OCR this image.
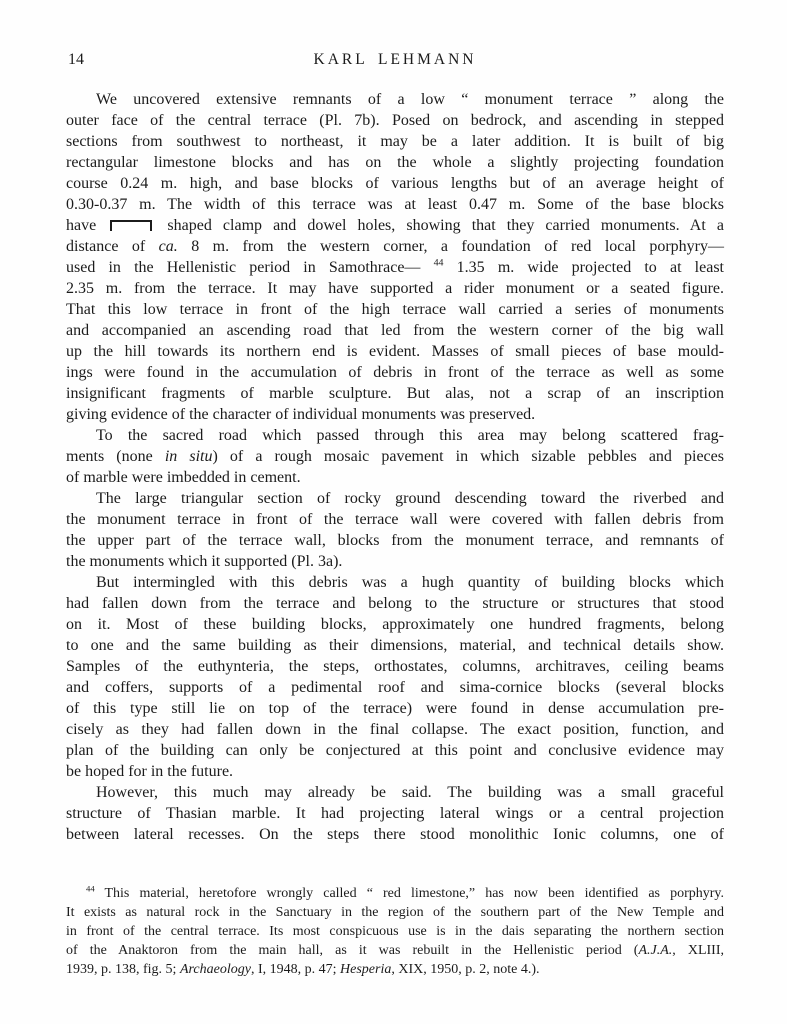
14	KARL LEHMANN

We uncovered extensive remnants of a low “ monument terrace ” along the
outer face of the central terrace (Pl. 7b). Posed on bedrock, and ascending in stepped
sections from southwest to northeast, it may be a later addition. It is built of big
rectangular limestone blocks and has on the whole a slightly projecting foundation
course 0.24 m. high, and base blocks of various lengths but of an average height of
0.30-0.37 m. The width of this terrace was at least 0.47 m. Some of the base blocks
have	shaped clamp and dowel holes, showing that they carried monuments. At a
distance of ca. 8 m. from the western corner, a foundation of red local porphyry—
used in the Hellenistic period in Samothrace— $^{44}$ 1.35 m. wide projected to at least
2.35 m. from the terrace. It may have supported a rider monument or a seated figure.
That this low terrace in front of the high terrace wall carried a series of monuments
and accompanied an ascending road that led from the western corner of the big wall
up the hill towards its northern end is evident. Masses of small pieces of base mould-
ings were found in the accumulation of debris in front of the terrace as well as some
insignificant fragments of marble sculpture. But alas, not a scrap of an inscription
giving evidence of the character of individual monuments was preserved.

To the sacred road which passed through this area may belong scattered frag-
ments (none in situ) of a rough mosaic pavement in which sizable pebbles and pieces
of marble were imbedded in cement.

The large triangular section of rocky ground descending toward the riverbed and
the monument terrace in front of the terrace wall were covered with fallen debris from
the upper part of the terrace wall, blocks from the monument terrace, and remnants of
the monuments which it supported (Pl. 3a).

But intermingled with this debris was a hugh quantity of building blocks which
had fallen down from the terrace and belong to the structure or structures that stood
on it. Most of these building blocks, approximately one hundred fragments, belong
to one and the same building as their dimensions, material, and technical details show.
Samples of the euthynteria, the steps, orthostates, columns, architraves, ceiling beams
and coffers, supports of a pedimental roof and sima-cornice blocks (several blocks
of this type still lie on top of the terrace) were found in dense accumulation pre-
cisely as they had fallen down in the final collapse. The exact position, function, and
plan of the building can only be conjectured at this point and conclusive evidence may
be hoped for in the future.

However, this much may already be said. The building was a small graceful
structure of Thasian marble. It had projecting lateral wings or a central projection
between lateral recesses. On the steps there stood monolithic Ionic columns, one of

$^{44}$ This material, heretofore wrongly called “ red limestone,” has now been identified as porphyry.
It exists as natural rock in the Sanctuary in the region of the southern part of the New Temple and
in front of the central terrace. Its most conspicuous use is in the dais separating the northern section
of the Anaktoron from the main hall, as it was rebuilt in the Hellenistic period (A.J.A., XLIII,
1939, p. 138, fig. 5; Archaeology, I, 1948, p. 47; Hesperia, XIX, 1950, p. 2, note 4.).
